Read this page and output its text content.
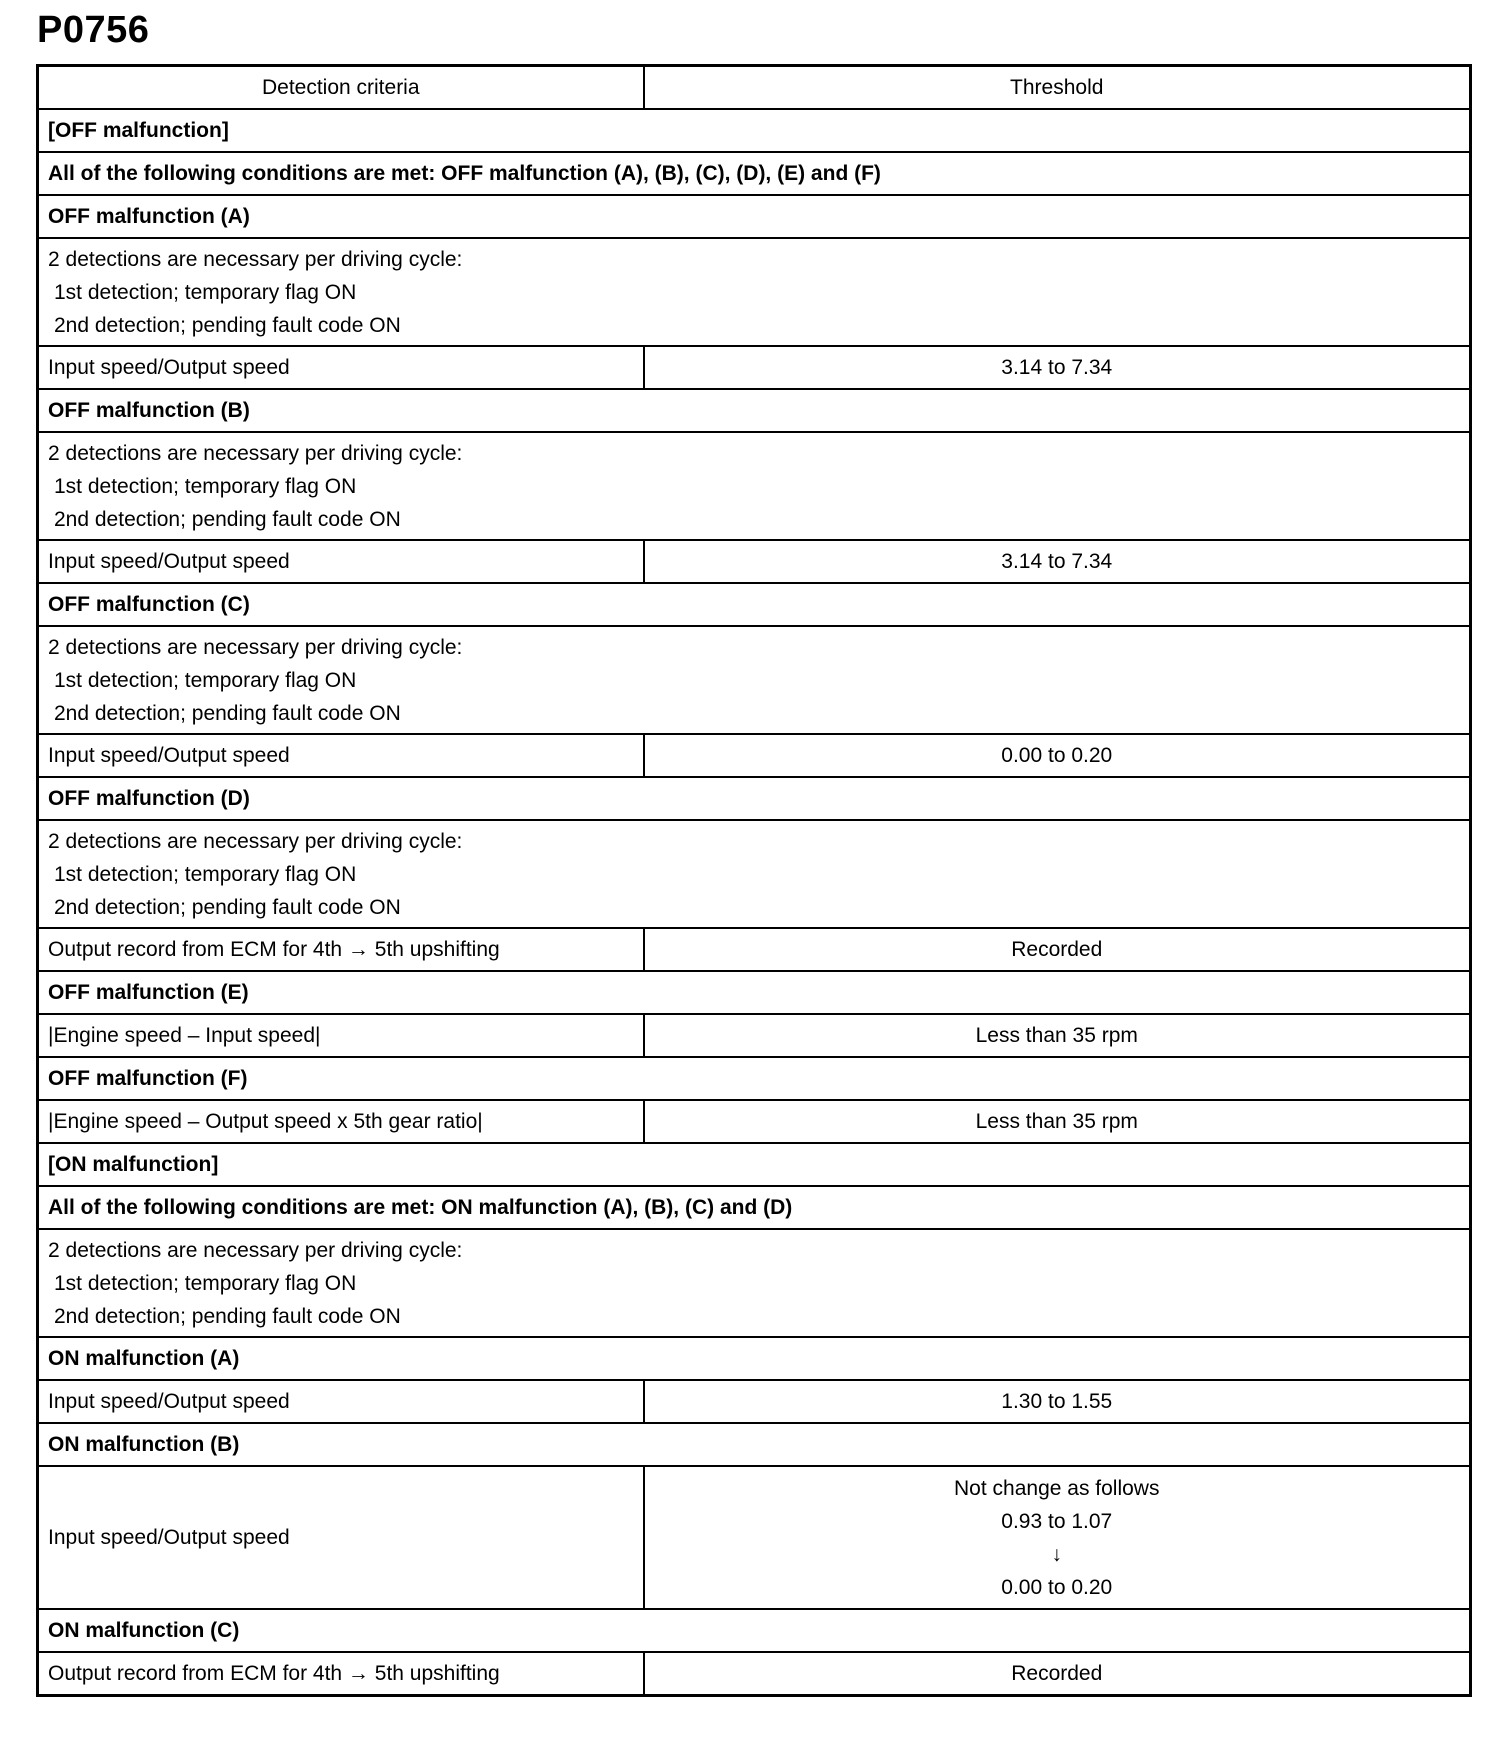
P0756
Detection criteria	Threshold
[OFF malfunction]	
All of the following conditions are met: OFF malfunction (A), (B), (C), (D), (E) and (F)	
OFF malfunction (A)	

2 detections are necessary per driving cycle:
1st detection; temporary flag ON
2nd detection; pending fault code ON	

Input speed/Output speed	3.14 to 7.34
OFF malfunction (B)	

2 detections are necessary per driving cycle:
1st detection; temporary flag ON
2nd detection; pending fault code ON	

Input speed/Output speed	3.14 to 7.34
OFF malfunction (C)	

2 detections are necessary per driving cycle:
1st detection; temporary flag ON
2nd detection; pending fault code ON	

Input speed/Output speed	0.00 to 0.20
OFF malfunction (D)	

2 detections are necessary per driving cycle:
1st detection; temporary flag ON
2nd detection; pending fault code ON	

Output record from ECM for 4th → 5th upshifting	Recorded
OFF malfunction (E)	
|Engine speed – Input speed|	Less than 35 rpm
OFF malfunction (F)	
|Engine speed – Output speed x 5th gear ratio|	Less than 35 rpm
[ON malfunction]	
All of the following conditions are met: ON malfunction (A), (B), (C) and (D)	

2 detections are necessary per driving cycle:
1st detection; temporary flag ON
2nd detection; pending fault code ON	

ON malfunction (A)	
Input speed/Output speed	1.30 to 1.55
ON malfunction (B)	
Input speed/Output speed	Not change as follows
0.93 to 1.07
↓
0.00 to 0.20

ON malfunction (C)	
Output record from ECM for 4th → 5th upshifting	Recorded
